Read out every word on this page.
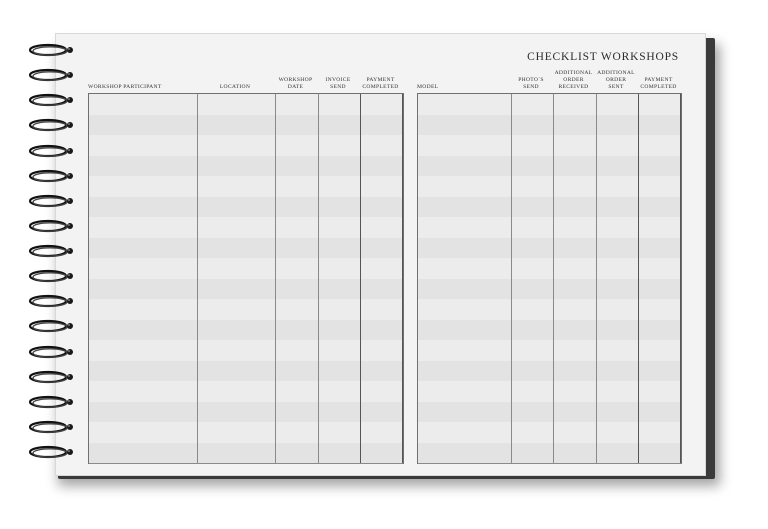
CHECKLIST WORKSHOPS
WORKSHOP PARTICIPANT	LOCATION
WORKSHOP
DATE
INVOICE
SEND
PAYMENT
COMPLETED	MODEL
PHOTO´S
SEND
ADDITIONAL
ORDER
RECEIVED
ADDITIONAL
ORDER
SENT
PAYMENT
COMPLETED
